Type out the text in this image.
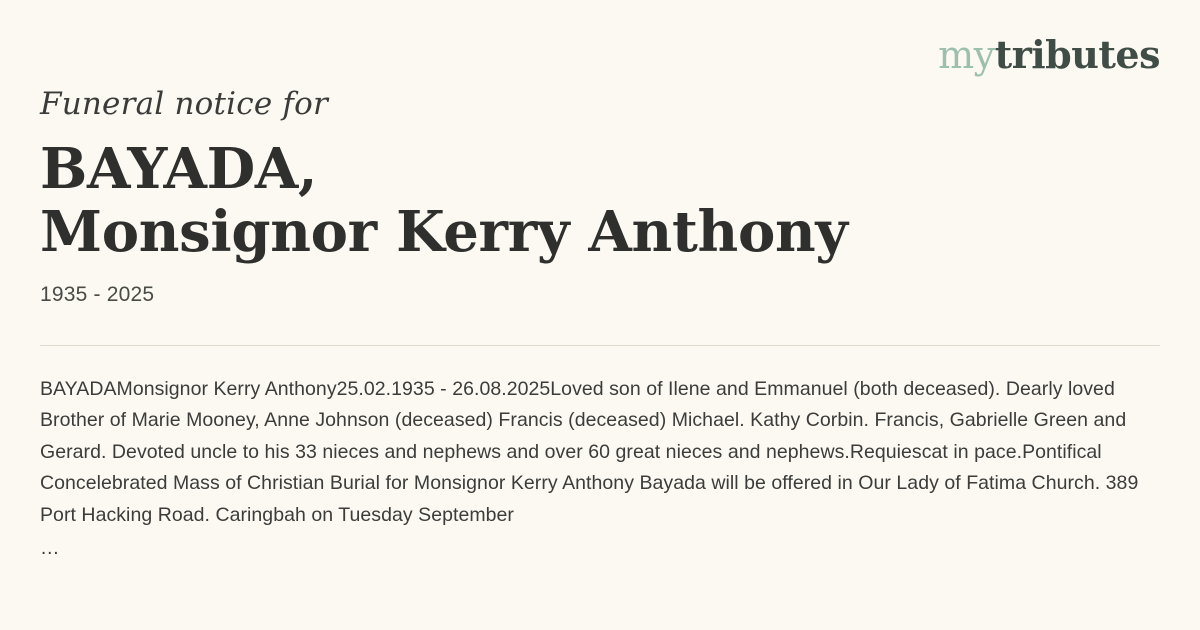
mytributes

Funeral notice for

BAYADA,
Monsignor Kerry Anthony

1935 - 2025

BAYADAMonsignor Kerry Anthony25.02.1935 - 26.08.2025Loved son of Ilene and Emmanuel (both deceased). Dearly loved Brother of Marie Mooney, Anne Johnson (deceased) Francis (deceased) Michael. Kathy Corbin. Francis, Gabrielle Green and Gerard. Devoted uncle to his 33 nieces and nephews and over 60 great nieces and nephews.Requiescat in pace.Pontifical Concelebrated Mass of Christian Burial for Monsignor Kerry Anthony Bayada will be offered in Our Lady of Fatima Church. 389 Port Hacking Road. Caringbah on Tuesday September
…
